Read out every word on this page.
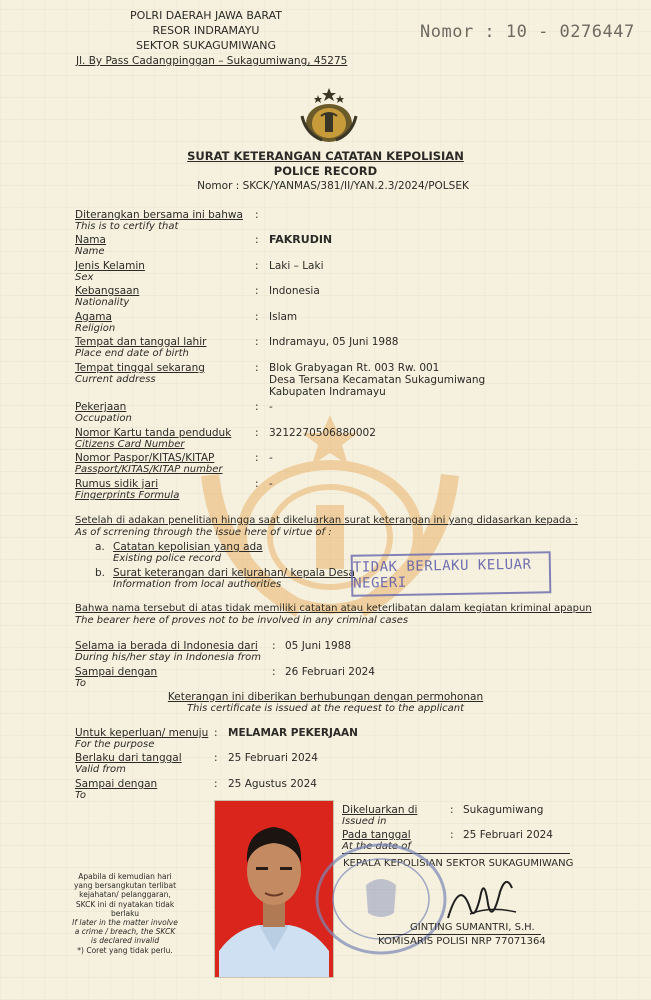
POLRI DAERAH JAWA BARAT
RESOR INDRAMAYU
SEKTOR SUKAGUMIWANG
Jl. By Pass Cadangpinggan – Sukagumiwang, 45275
Nomor : 10 - 0276447
SURAT KETERANGAN CATATAN KEPOLISIAN
POLICE RECORD
Nomor : SKCK/YANMAS/381/II/YAN.2.3/2024/POLSEK
Diterangkan bersama ini bahwa
This is to certify that
:
Nama
Name
: FAKRUDIN
Jenis Kelamin
Sex
: Laki – Laki
Kebangsaan
Nationality
: Indonesia
Agama
Religion
: Islam
Tempat dan tanggal lahir
Place end date of birth
: Indramayu, 05 Juni 1988
Tempat tinggal sekarang
Current address
: Blok Grabyagan Rt. 003 Rw. 001
Desa Tersana Kecamatan Sukagumiwang
Kabupaten Indramayu
Pekerjaan
Occupation
: -
Nomor Kartu tanda penduduk
Citizens Card Number
: 3212270506880002
Nomor Paspor/KITAS/KITAP
Passport/KITAS/KITAP number
: -
Rumus sidik jari
Fingerprints Formula
: -
Setelah di adakan penelitian hingga saat dikeluarkan surat keterangan ini yang didasarkan kepada :
As of scrrening through the issue here of virtue of :
a. Catatan kepolisian yang ada
Existing police record
b. Surat keterangan dari kelurahan/ kepala Desa
Information from local authorities
TIDAK BERLAKU KELUAR NEGERI
Bahwa nama tersebut di atas tidak memiliki catatan atau keterlibatan dalam kegiatan kriminal apapun
The bearer here of proves not to be involved in any criminal cases
Selama ia berada di Indonesia dari
During his/her stay in Indonesia from
: 05 Juni 1988
Sampai dengan
To
: 26 Februari 2024
Keterangan ini diberikan berhubungan dengan permohonan
This certificate is issued at the request to the applicant
Untuk keperluan/ menuju
For the purpose
: MELAMAR PEKERJAAN
Berlaku dari tanggal
Valid from
: 25 Februari 2024
Sampai dengan
To
: 25 Agustus 2024
Dikeluarkan di
Issued in
: Sukagumiwang
Pada tanggal
At the date of
: 25 Februari 2024
KEPALA KEPOLISIAN SEKTOR SUKAGUMIWANG
GINTING SUMANTRI, S.H.
KOMISARIS POLISI NRP 77071364
Apabila di kemudian hari
yang bersangkutan terlibat
kejahatan/ pelanggaran,
SKCK ini di nyatakan tidak
berlaku
If later in the matter involve
a crime / breach, the SKCK
is declared invalid
*) Coret yang tidak perlu.
